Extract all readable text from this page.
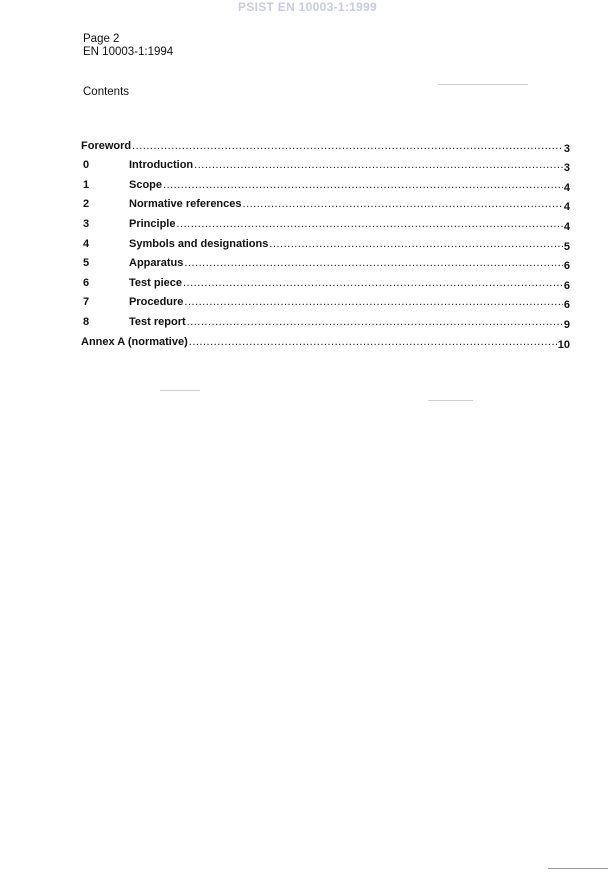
PSIST EN 10003-1:1999
Page 2
EN 10003-1:1994
Contents
Foreword .....	3
0	Introduction .....	3
1	Scope .....	4
2	Normative references .....	4
3	Principle .....	4
4	Symbols and designations .....	5
5	Apparatus .....	6
6	Test piece .....	6
7	Procedure .....	6
8	Test report .....	9
Annex A (normative) .....	10
